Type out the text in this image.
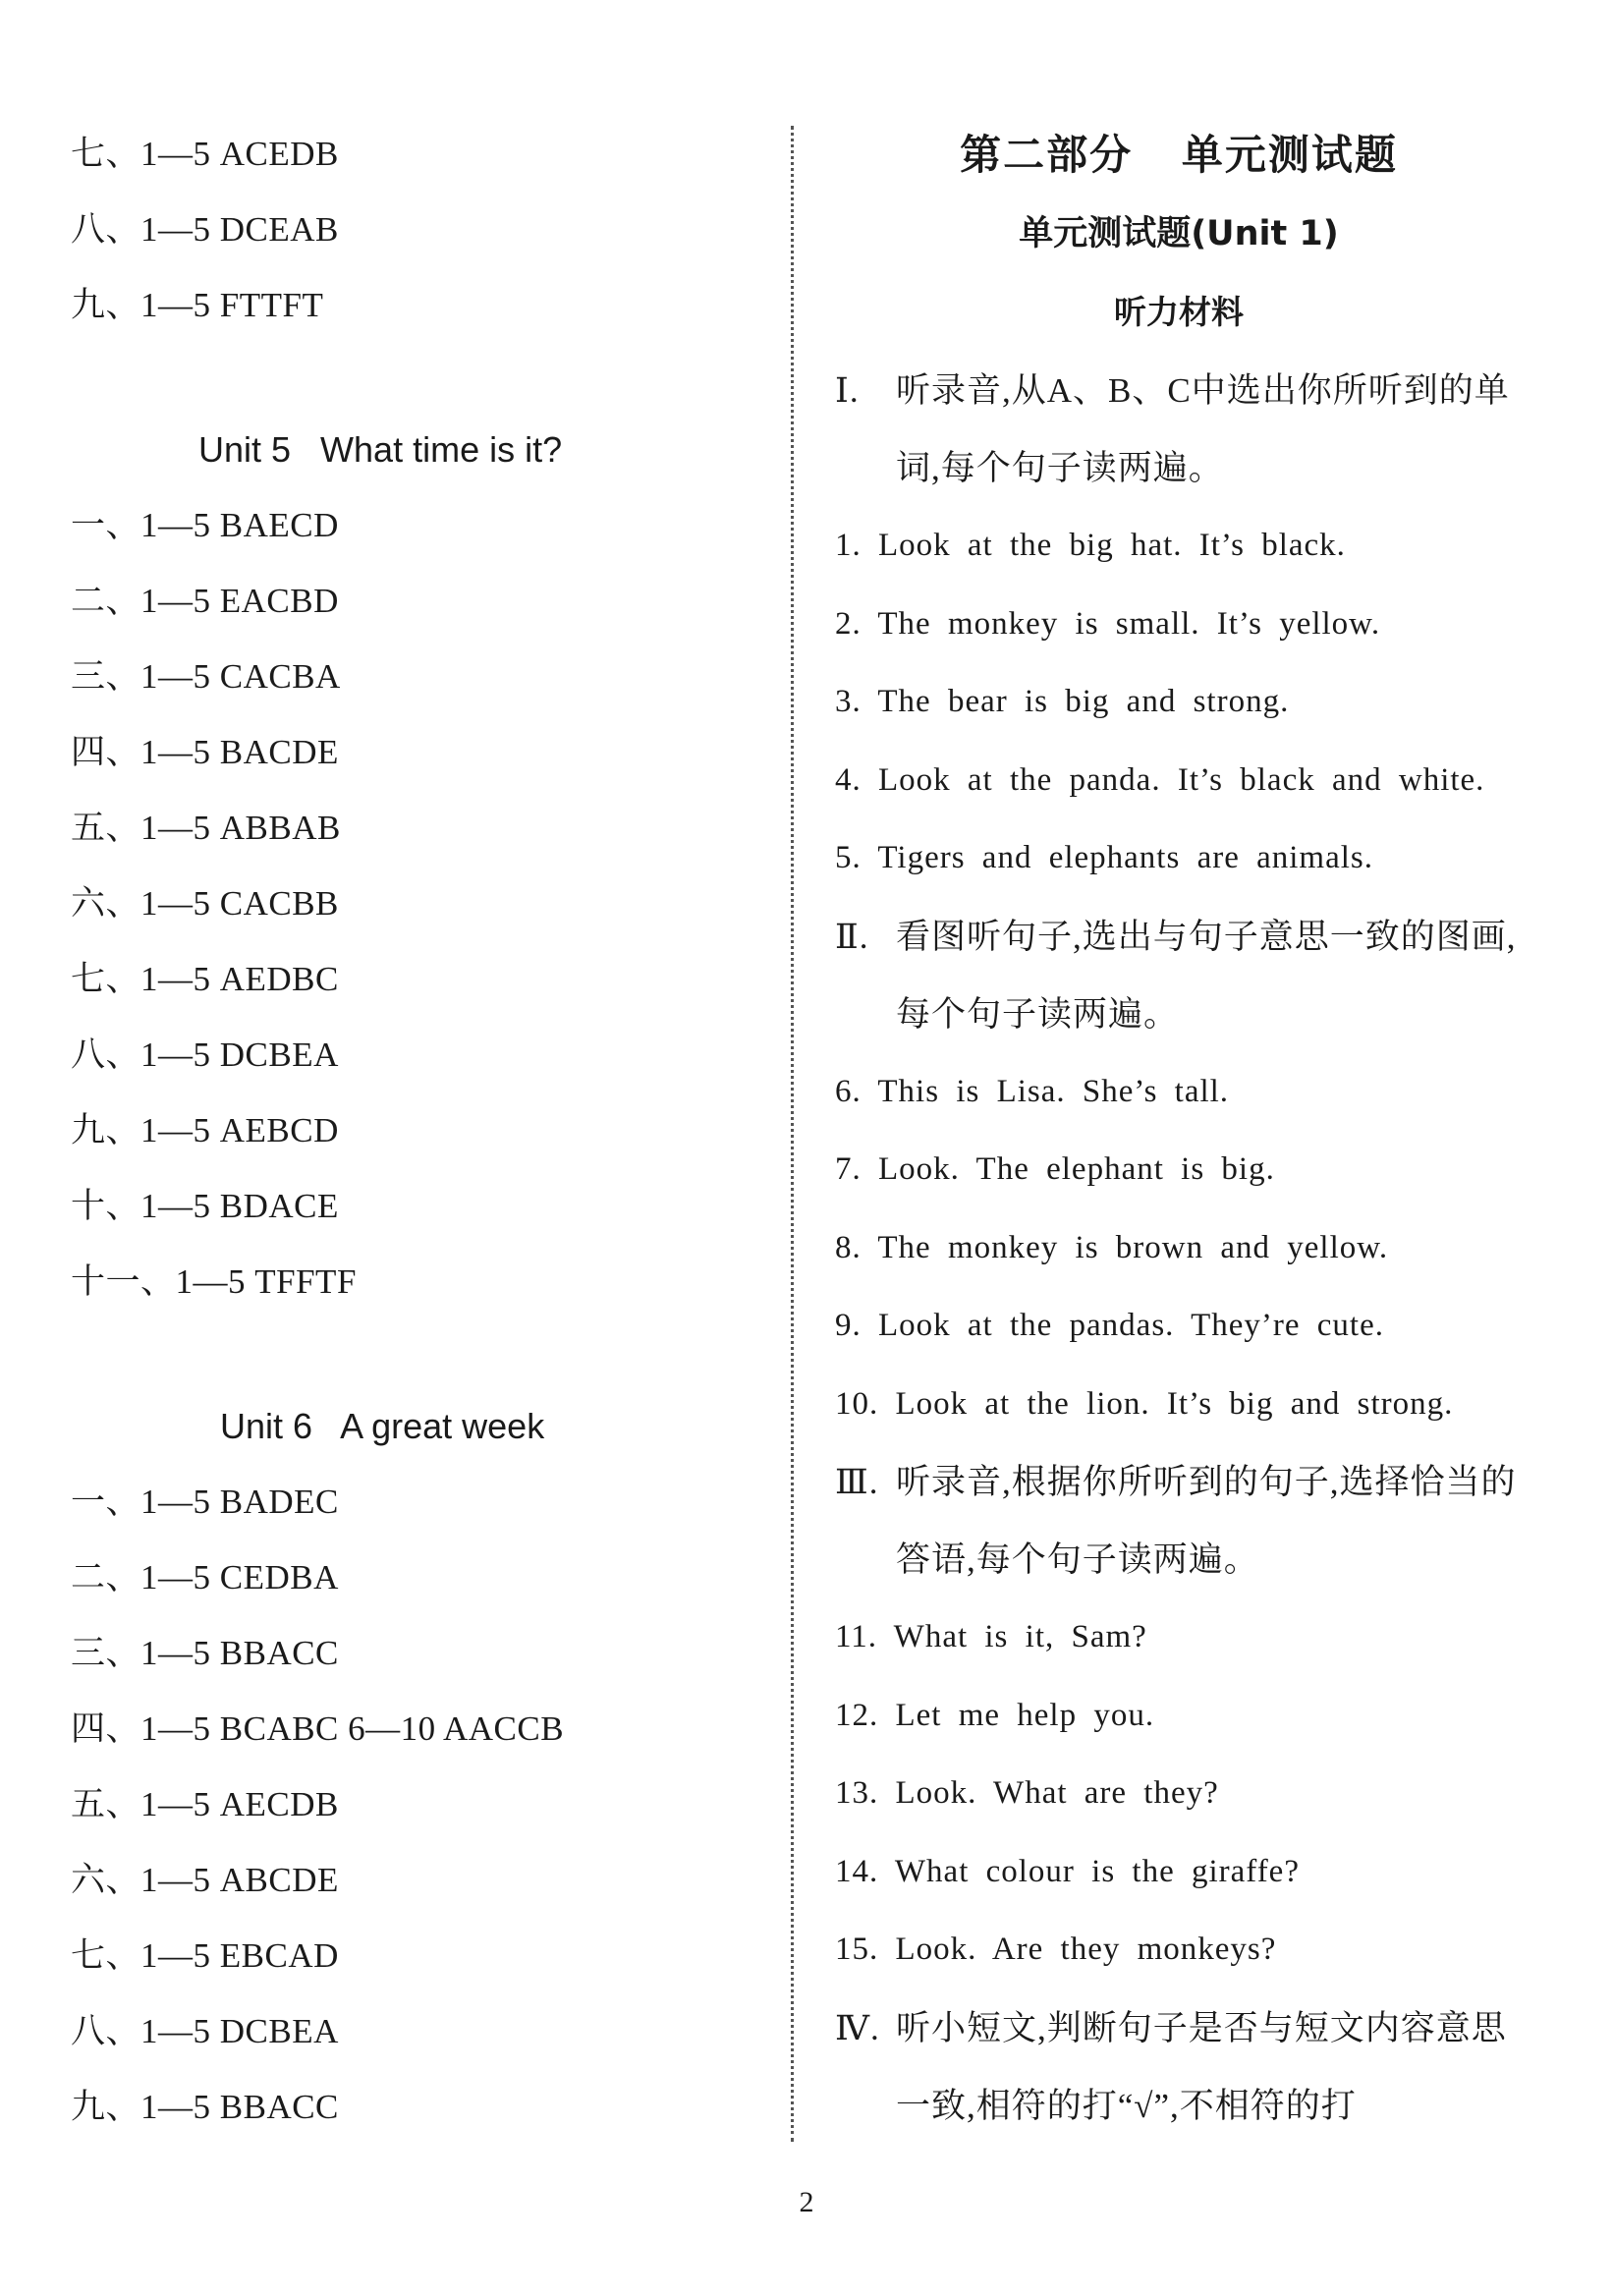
七、1—5 ACEDB
八、1—5 DCEAB
九、1—5 FTTFT
Unit 5   What time is it?
一、1—5 BAECD
二、1—5 EACBD
三、1—5 CACBA
四、1—5 BACDE
五、1—5 ABBAB
六、1—5 CACBB
七、1—5 AEDBC
八、1—5 DCBEA
九、1—5 AEBCD
十、1—5 BDACE
十一、1—5 TFFTF
Unit 6   A great week
一、1—5 BADEC
二、1—5 CEDBA
三、1—5 BBACC
四、1—5 BCABC 6—10 AACCB
五、1—5 AECDB
六、1—5 ABCDE
七、1—5 EBCAD
八、1—5 DCBEA
九、1—5 BBACC
第二部分   单元测试题
单元测试题(Unit 1)
听力材料
Ⅰ.	听录音,从A、B、C中选出你所听到的单词,每个句子读两遍。
1. Look at the big hat. It’s black.
2. The monkey is small. It’s yellow.
3. The bear is big and strong.
4. Look at the panda. It’s black and white.
5. Tigers and elephants are animals.
Ⅱ. 看图听句子,选出与句子意思一致的图画,每个句子读两遍。
6. This is Lisa. She’s tall.
7. Look. The elephant is big.
8. The monkey is brown and yellow.
9. Look at the pandas. They’re cute.
10. Look at the lion. It’s big and strong.
Ⅲ. 听录音,根据你所听到的句子,选择恰当的答语,每个句子读两遍。
11. What is it, Sam?
12. Let me help you.
13. Look. What are they?
14. What colour is the giraffe?
15. Look. Are they monkeys?
Ⅳ. 听小短文,判断句子是否与短文内容意思一致,相符的打“√”,不相符的打
2
